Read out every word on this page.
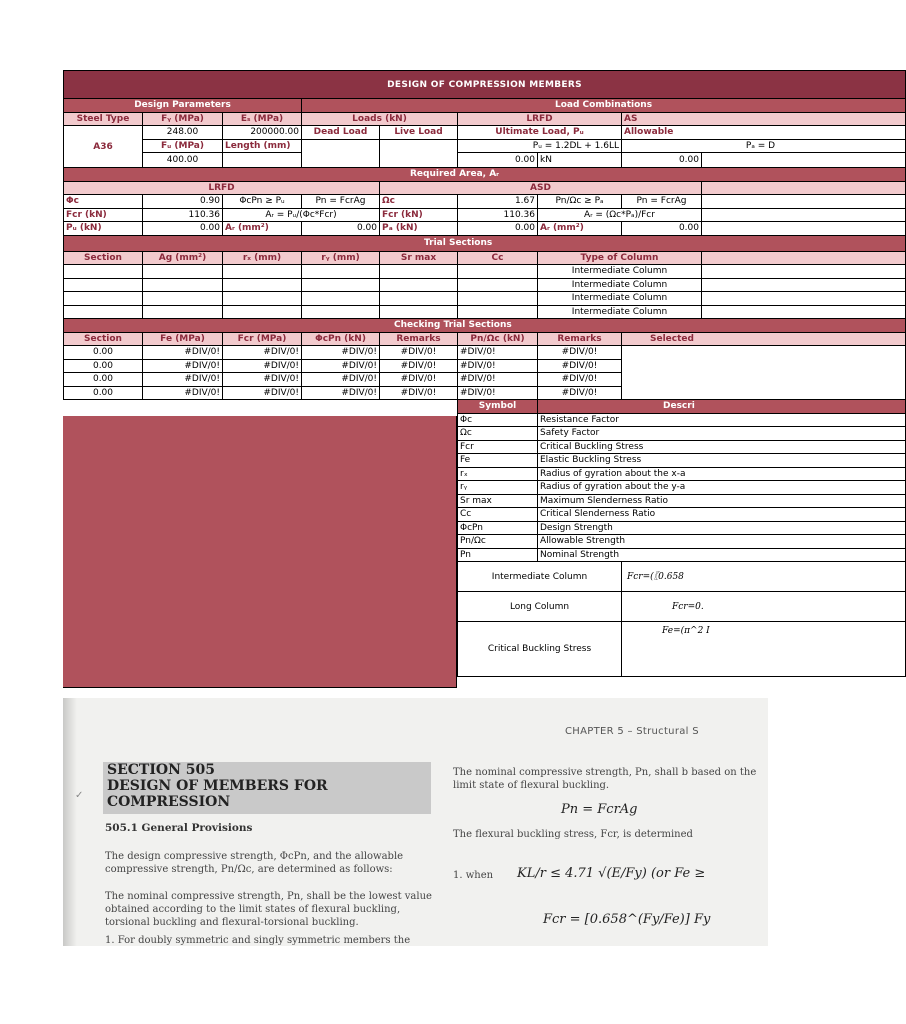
DESIGN OF COMPRESSION MEMBERS								
Design Parameters			Load Combinations					
Steel Type	Fᵧ (MPa)	Eₛ (MPa)	Loads (kN)		LRFD		AS	
A36	248.00	200000.00	Dead Load	Live Load	Ultimate Load, Pᵤ		Allowable	
	Fᵤ (MPa)	Length (mm)			Pᵤ = 1.2DL + 1.6LL		Pₐ = D	
	400.00				0.00	kN	0.00	
Required Area, Aᵣ								
LRFD				ASD				
Φc	0.90	ΦcPn ≥ Pᵤ	Pn = FcrAg	Ωc	1.67	Pn/Ωc ≥ Pₐ	Pn = FcrAg	
Fcr (kN)	110.36	Aᵣ = Pᵤ/(Φc*Fcr)		Fcr (kN)	110.36	Aᵣ = (Ωc*Pₐ)/Fcr		
Pᵤ (kN)	0.00	Aᵣ (mm²)	0.00	Pₐ (kN)	0.00	Aᵣ (mm²)	0.00	
Trial Sections								
Section	Ag (mm²)	rₓ (mm)	rᵧ (mm)	Sr max	Cc	Type of Column		
						Intermediate Column		
						Intermediate Column		
						Intermediate Column		
						Intermediate Column		
Checking Trial Sections								
Section	Fe (MPa)	Fcr (MPa)	ΦcPn (kN)	Remarks	Pn/Ωc (kN)	Remarks	Selected	
0.00	#DIV/0!	#DIV/0!	#DIV/0!	#DIV/0!	#DIV/0!	#DIV/0!		
0.00	#DIV/0!	#DIV/0!	#DIV/0!	#DIV/0!	#DIV/0!	#DIV/0!		
0.00	#DIV/0!	#DIV/0!	#DIV/0!	#DIV/0!	#DIV/0!	#DIV/0!		
0.00	#DIV/0!	#DIV/0!	#DIV/0!	#DIV/0!	#DIV/0!	#DIV/0!		
					Symbol	Descri		
					Φc	Resistance Factor		
					Ωc	Safety Factor		
					Fcr	Critical Buckling Stress		
					Fe	Elastic Buckling Stress		
					rₓ	Radius of gyration about the x-a		
					rᵧ	Radius of gyration about the y-a		
					Sr max	Maximum Slenderness Ratio		
					Cc	Critical Slenderness Ratio		
					ΦcPn	Design Strength		
					Pn/Ωc	Allowable Strength		
					Pn	Nominal Strength		
					Intermediate Column		Fcr=(〖0.658	
					Long Column		Fcr=0.	
					Critical Buckling Stress		Fe=(π^2 I	
✓
CHAPTER 5 – Structural S
SECTION 505
DESIGN OF MEMBERS FOR
COMPRESSION
505.1 General Provisions
The design compressive strength, ΦcPn, and the allowable compressive strength, Pn/Ωc, are determined as follows:
The nominal compressive strength, Pn, shall be the lowest value obtained according to the limit states of flexural buckling, torsional buckling and flexural-torsional buckling.
1. For doubly symmetric and singly symmetric members the
The nominal compressive strength, Pn, shall b based on the limit state of flexural buckling.
Pn = FcrAg
The flexural buckling stress, Fcr, is determined
1. when KL/r ≤ 4.71 √(E/Fy) (or Fe ≥
Fcr = [0.658^(Fy/Fe)] Fy
